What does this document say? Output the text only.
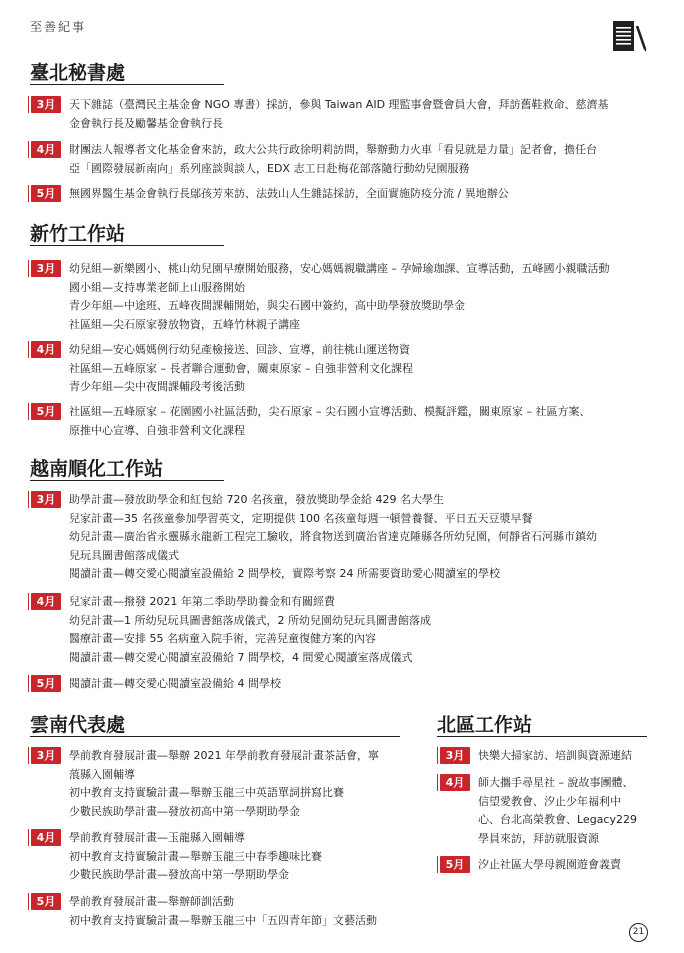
至善紀事
臺北秘書處
3月	天下雜誌（臺灣民主基金會 NGO 專書）採訪，參與 Taiwan AID 理監事會暨會員大會，拜訪舊鞋救命、慈濟基
金會執行長及勵馨基金會執行長
4月	財團法人報導者文化基金會來訪，政大公共行政徐明莉訪問，舉辦動力火車「看見就是力量」記者會，擔任台
亞「國際發展新南向」系列座談與談人，EDX 志工日赴梅花部落隨行動幼兒園服務
5月	無國界醫生基金會執行長鄔孩芳來訪、法鼓山人生雜誌採訪，全面實施防疫分流 / 異地辦公
新竹工作站
3月	幼兒組—新樂國小、桃山幼兒園早療開始服務，安心媽媽親職講座 – 孕婦瑜珈課、宣導活動，五峰國小親職活動
國小組—支持專業老師上山服務開始
青少年組—中途班、五峰夜間課輔開始，與尖石國中簽約，高中助學發放獎助學金
社區組—尖石原家發放物資，五峰竹林親子講座
4月	幼兒組—安心媽媽例行幼兒產檢接送、回診、宣導，前往桃山運送物資
社區組—五峰原家 – 長者聯合運動會，關東原家 – 自強非營利文化課程
青少年組—尖中夜間課輔段考後活動
5月	社區組—五峰原家 – 花園國小社區活動，尖石原家 – 尖石國小宣導活動、模擬評鑑，關東原家 – 社區方案、
原推中心宣導、自強非營利文化課程
越南順化工作站
3月	助學計畫—發放助學金和紅包給 720 名孩童，發放獎助學金給 429 名大學生
兒家計畫—35 名孩童參加學習英文，定期提供 100 名孩童每週一頓營養餐、平日五天豆漿早餐
幼兒計畫—廣治省永靈縣永龍新工程完工驗收，將食物送到廣治省達克陲縣各所幼兒園，何靜省石河縣市鎮幼
兒玩具圖書館落成儀式
閱讀計畫—轉交愛心閱讀室設備給 2 間學校，實際考察 24 所需要資助愛心閱讀室的學校
4月	兒家計畫—撥發 2021 年第二季助學助養金和有關經費
幼兒計畫—1 所幼兒玩具圖書館落成儀式，2 所幼兒園幼兒玩具圖書館落成
醫療計畫—安排 55 名病童入院手術，完善兒童復健方案的內容
閱讀計畫—轉交愛心閱讀室設備給 7 間學校，4 間愛心閱讀室落成儀式
5月	閱讀計畫—轉交愛心閱讀室設備給 4 間學校
雲南代表處
3月	學前教育發展計畫—舉辦 2021 年學前教育發展計畫茶話會，寧
蒗縣入園輔導
初中教育支持實驗計畫—舉辦玉龍三中英語單詞拼寫比賽
少數民族助學計畫—發放初高中第一學期助學金
4月	學前教育發展計畫—玉龍縣入園輔導
初中教育支持實驗計畫—舉辦玉龍三中春季趣味比賽
少數民族助學計畫—發放高中第一學期助學金
5月	學前教育發展計畫—舉辦師訓活動
初中教育支持實驗計畫—舉辦玉龍三中「五四青年節」文藝活動
北區工作站
3月	快樂大掃家訪、培訓與資源連結
4月	師大攜手尋星社 – 說故事團體、
信望愛教會、汐止少年福利中
心、台北高榮教會、Legacy229
學員來訪，拜訪就服資源
5月	汐止社區大學母親園遊會義賣
21
